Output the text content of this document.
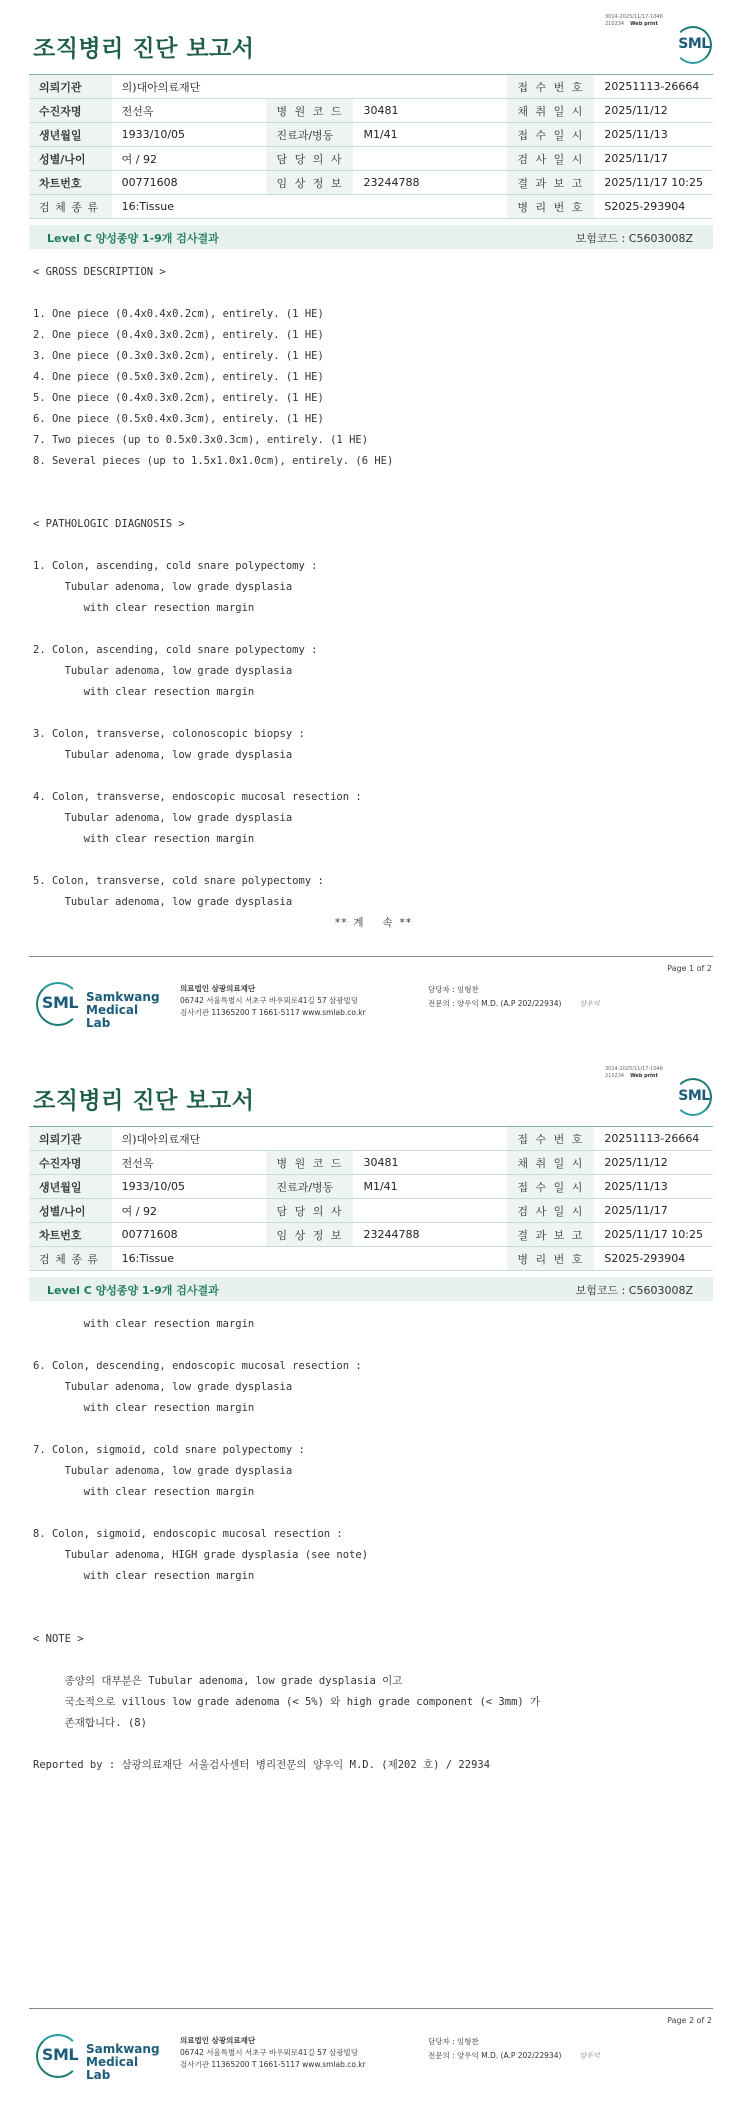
3014-2025/11/17-1046
210234 Web print
조직병리 진단 보고서	SML
의뢰기관	의)대아의료재단			접 수 번 호	20251113-26664
수진자명	전선옥	병 원 코 드	30481	채 취 일 시	2025/11/12
생년월일	1933/10/05	진료과/병동	M1/41	접 수 일 시	2025/11/13
성별/나이	여 / 92	담 당 의 사		검 사 일 시	2025/11/17
차트번호	00771608	임 상 정 보	23244788	결 과 보 고	2025/11/17 10:25
검 체 종 류	16:Tissue			병 리 번 호	S2025-293904
Level C 양성종양 1-9개 검사결과	보험코드 : C5603008Z
< GROSS DESCRIPTION >
1. One piece (0.4x0.4x0.2cm), entirely. (1 HE)
2. One piece (0.4x0.3x0.2cm), entirely. (1 HE)
3. One piece (0.3x0.3x0.2cm), entirely. (1 HE)
4. One piece (0.5x0.3x0.2cm), entirely. (1 HE)
5. One piece (0.4x0.3x0.2cm), entirely. (1 HE)
6. One piece (0.5x0.4x0.3cm), entirely. (1 HE)
7. Two pieces (up to 0.5x0.3x0.3cm), entirely. (1 HE)
8. Several pieces (up to 1.5x1.0x1.0cm), entirely. (6 HE)
< PATHOLOGIC DIAGNOSIS >
1. Colon, ascending, cold snare polypectomy :
Tubular adenoma, low grade dysplasia
with clear resection margin
2. Colon, ascending, cold snare polypectomy :
Tubular adenoma, low grade dysplasia
with clear resection margin
3. Colon, transverse, colonoscopic biopsy :
Tubular adenoma, low grade dysplasia
4. Colon, transverse, endoscopic mucosal resection :
Tubular adenoma, low grade dysplasia
with clear resection margin
5. Colon, transverse, cold snare polypectomy :
Tubular adenoma, low grade dysplasia
** 계   속 **
Page 1 of 2
SML Samkwang
Medical Lab
의료법인 삼광의료재단
06742 서울특별시 서초구 바우뫼로41길 57 삼광빌딩
검사기관 11365200 T 1661-5117 www.smlab.co.kr
담당자 : 임형찬
전문의 : 양우익 M.D. (A.P 202/22934)	양우익
3014-2025/11/17-1046
210234 Web print
조직병리 진단 보고서	SML
의뢰기관	의)대아의료재단			접 수 번 호	20251113-26664
수진자명	전선옥	병 원 코 드	30481	채 취 일 시	2025/11/12
생년월일	1933/10/05	진료과/병동	M1/41	접 수 일 시	2025/11/13
성별/나이	여 / 92	담 당 의 사		검 사 일 시	2025/11/17
차트번호	00771608	임 상 정 보	23244788	결 과 보 고	2025/11/17 10:25
검 체 종 류	16:Tissue			병 리 번 호	S2025-293904
Level C 양성종양 1-9개 검사결과	보험코드 : C5603008Z
with clear resection margin
6. Colon, descending, endoscopic mucosal resection :
Tubular adenoma, low grade dysplasia
with clear resection margin
7. Colon, sigmoid, cold snare polypectomy :
Tubular adenoma, low grade dysplasia
with clear resection margin
8. Colon, sigmoid, endoscopic mucosal resection :
Tubular adenoma, HIGH grade dysplasia (see note)
with clear resection margin
< NOTE >
종양의 대부분은 Tubular adenoma, low grade dysplasia 이고
국소적으로 villous low grade adenoma (< 5%) 와 high grade component (< 3mm) 가
존재합니다. (8)
Reported by : 삼광의료재단 서울검사센터 병리전문의 양우익 M.D. (제202 호) / 22934
Page 2 of 2
SML Samkwang
Medical Lab
의료법인 삼광의료재단
06742 서울특별시 서초구 바우뫼로41길 57 삼광빌딩
검사기관 11365200 T 1661-5117 www.smlab.co.kr
담당자 : 임형찬
전문의 : 양우익 M.D. (A.P 202/22934)	양우익
